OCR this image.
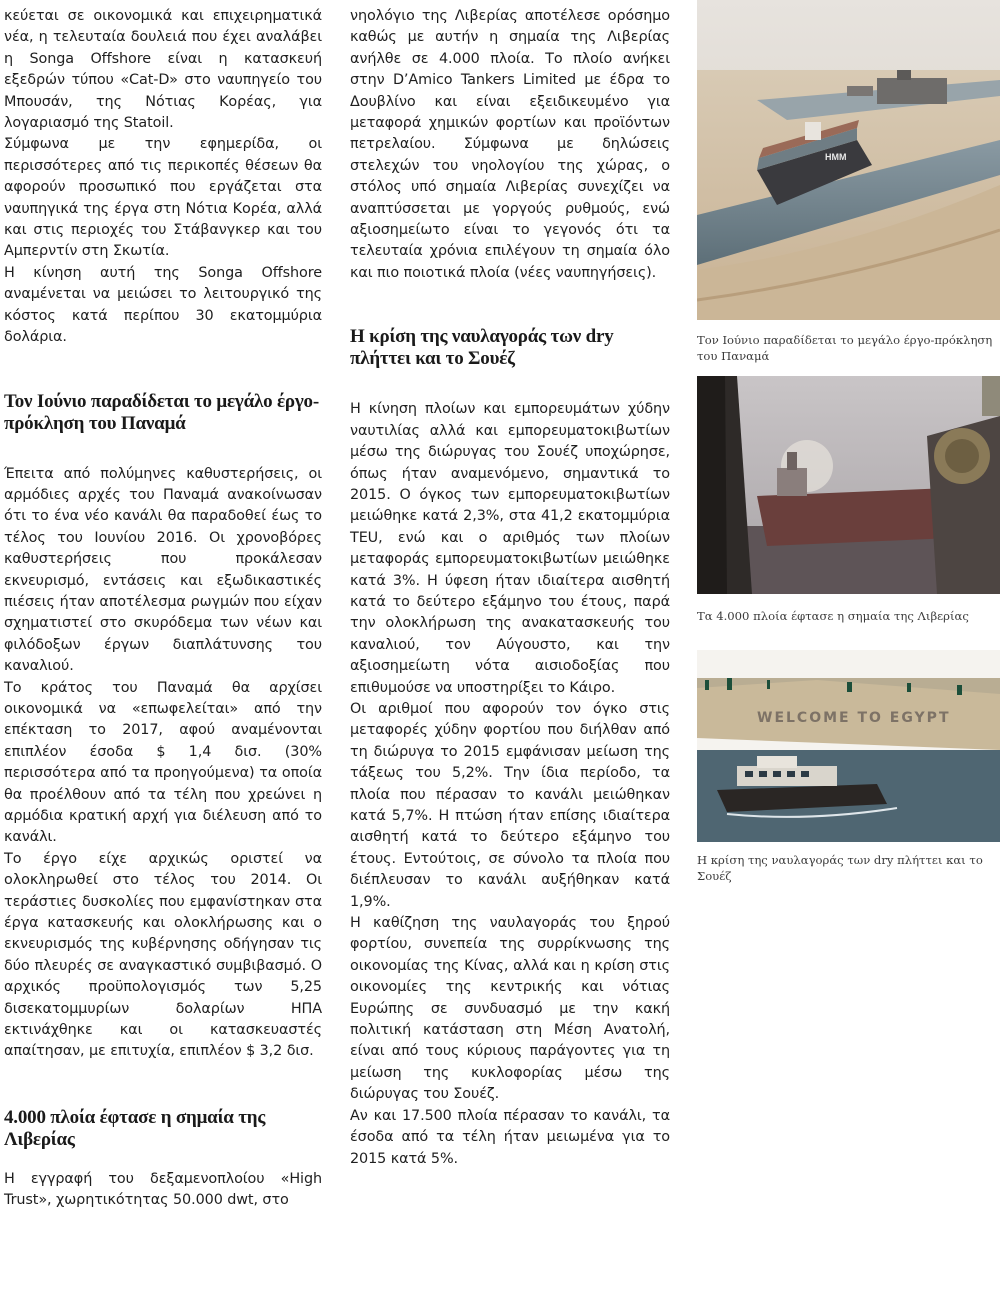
κεύεται σε οικονομικά και επιχειρηματικά νέα, η τελευταία δουλειά που έχει αναλάβει η Songa Offshore είναι η κατασκευή εξεδρών τύπου «Cat-D» στο ναυπηγείο του Μπουσάν, της Νότιας Κορέας, για λογαριασμό της Statoil.

Σύμφωνα με την εφημερίδα, οι περισσότερες από τις περικοπές θέσεων θα αφορούν προσωπικό που εργάζεται στα ναυπηγικά της έργα στη Νότια Κορέα, αλλά και στις περιοχές του Στάβανγκερ και του Αμπερντίν στη Σκωτία.

Η κίνηση αυτή της Songa Offshore αναμένεται να μειώσει το λειτουργικό της κόστος κατά περίπου 30 εκατομμύρια δολάρια.

Τον Ιούνιο παραδίδεται το μεγάλο έργο-πρόκληση του Παναμά

Έπειτα από πολύμηνες καθυστερήσεις, οι αρμόδιες αρχές του Παναμά ανακοίνωσαν ότι το ένα νέο κανάλι θα παραδοθεί έως το τέλος του Ιουνίου 2016. Οι χρονοβόρες καθυστερήσεις που προκάλεσαν εκνευρισμό, εντάσεις και εξωδικαστικές πιέσεις ήταν αποτέλεσμα ρωγμών που είχαν σχηματιστεί στο σκυρόδεμα των νέων και φιλόδοξων έργων διαπλάτυνσης του καναλιού.

Το κράτος του Παναμά θα αρχίσει οικονομικά να «επωφελείται» από την επέκταση το 2017, αφού αναμένονται επιπλέον έσοδα $ 1,4 δισ. (30% περισσότερα από τα προηγούμενα) τα οποία θα προέλθουν από τα τέλη που χρεώνει η αρμόδια κρατική αρχή για διέλευση από το κανάλι.

Το έργο είχε αρχικώς οριστεί να ολοκληρωθεί στο τέλος του 2014. Οι τεράστιες δυσκολίες που εμφανίστηκαν στα έργα κατασκευής και ολοκλήρωσης και ο εκνευρισμός της κυβέρνησης οδήγησαν τις δύο πλευρές σε αναγκαστικό συμβιβασμό. Ο αρχικός προϋπολογισμός των 5,25 δισεκατομμυρίων δολαρίων ΗΠΑ εκτινάχθηκε και οι κατασκευαστές απαίτησαν, με επιτυχία, επιπλέον $ 3,2 δισ.

4.000 πλοία έφτασε η σημαία της Λιβερίας

Η εγγραφή του δεξαμενοπλοίου «High Trust», χωρητικότητας 50.000 dwt, στο

νηολόγιο της Λιβερίας αποτέλεσε ορόσημο καθώς με αυτήν η σημαία της Λιβερίας ανήλθε σε 4.000 πλοία. Το πλοίο ανήκει στην D’Amico Tankers Limited με έδρα το Δουβλίνο και είναι εξειδικευμένο για μεταφορά χημικών φορτίων και προϊόντων πετρελαίου. Σύμφωνα με δηλώσεις στελεχών του νηολογίου της χώρας, ο στόλος υπό σημαία Λιβερίας συνεχίζει να αναπτύσσεται με γοργούς ρυθμούς, ενώ αξιοσημείωτο είναι το γεγονός ότι τα τελευταία χρόνια επιλέγουν τη σημαία όλο και πιο ποιοτικά πλοία (νέες ναυπηγήσεις).

Η κρίση της ναυλαγοράς των dry πλήττει και το Σουέζ

Η κίνηση πλοίων και εμπορευμάτων χύδην ναυτιλίας αλλά και εμπορευματοκιβωτίων μέσω της διώρυγας του Σουέζ υποχώρησε, όπως ήταν αναμενόμενο, σημαντικά το 2015. Ο όγκος των εμπορευματοκιβωτίων μειώθηκε κατά 2,3%, στα 41,2 εκατομμύρια TEU, ενώ και ο αριθμός των πλοίων μεταφοράς εμπορευματοκιβωτίων μειώθηκε κατά 3%. Η ύφεση ήταν ιδιαίτερα αισθητή κατά το δεύτερο εξάμηνο του έτους, παρά την ολοκλήρωση της ανακατασκευής του καναλιού, τον Αύγουστο, και την αξιοσημείωτη νότα αισιοδοξίας που επιθυμούσε να υποστηρίξει το Κάιρο.

Οι αριθμοί που αφορούν τον όγκο στις μεταφορές χύδην φορτίου που διήλθαν από τη διώρυγα το 2015 εμφάνισαν μείωση της τάξεως του 5,2%. Την ίδια περίοδο, τα πλοία που πέρασαν το κανάλι μειώθηκαν κατά 5,7%. Η πτώση ήταν επίσης ιδιαίτερα αισθητή κατά το δεύτερο εξάμηνο του έτους. Εντούτοις, σε σύνολο τα πλοία που διέπλευσαν το κανάλι αυξήθηκαν κατά 1,9%.

Η καθίζηση της ναυλαγοράς του ξηρού φορτίου, συνεπεία της συρρίκνωσης της οικονομίας της Κίνας, αλλά και η κρίση στις οικονομίες της κεντρικής και νότιας Ευρώπης σε συνδυασμό με την κακή πολιτική κατάσταση στη Μέση Ανατολή, είναι από τους κύριους παράγοντες για τη μείωση της κυκλοφορίας μέσω της διώρυγας του Σουέζ.

Αν και 17.500 πλοία πέρασαν το κανάλι, τα έσοδα από τα τέλη ήταν μειωμένα για το 2015 κατά 5%.

HMM

Τον Ιούνιο παραδίδεται το μεγάλο έργο-πρόκληση του Παναμά

Τα 4.000 πλοία έφτασε η σημαία της Λιβερίας

WELCOME TO EGYPT

Η κρίση της ναυλαγοράς των dry πλήττει και το Σουέζ
